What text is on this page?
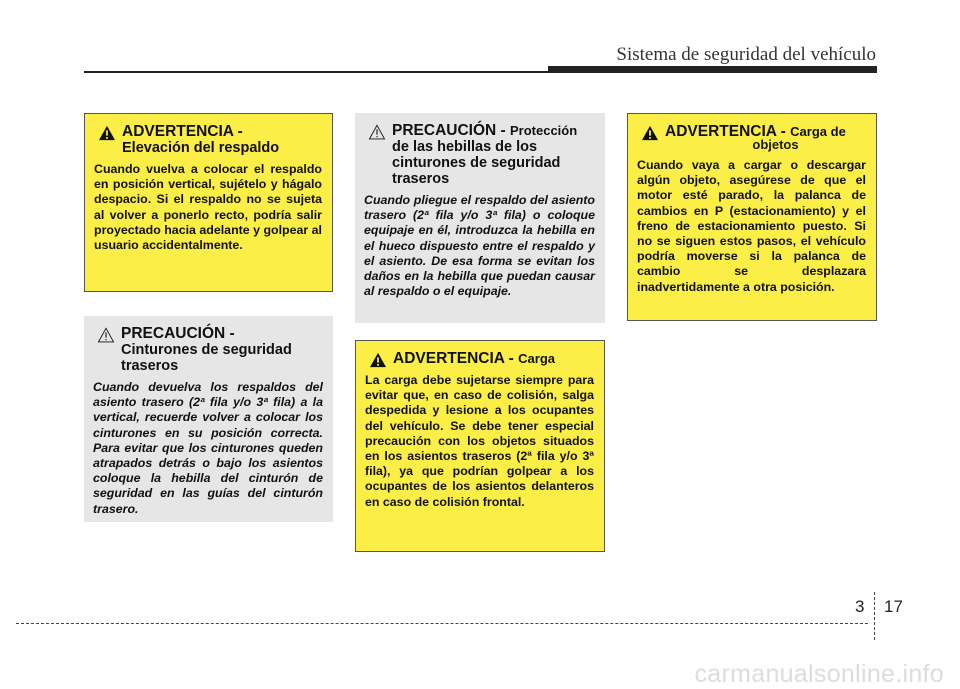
Sistema de seguridad del vehículo
ADVERTENCIA -
Elevación del respaldo
Cuando vuelva a colocar el respaldo en posición vertical, sujételo y hágalo despacio. Si el respaldo no se sujeta al volver a ponerlo recto, podría salir proyectado hacia adelante y golpear al usuario accidentalmente.
PRECAUCIÓN -
Cinturones de seguridad traseros
Cuando devuelva los respaldos del asiento trasero (2ª fila y/o 3ª fila) a la vertical, recuerde volver a colocar los cinturones en su posición correcta. Para evitar que los cinturones queden atrapados detrás o bajo los asientos coloque la hebilla del cinturón de seguridad en las guías del cinturón trasero.
PRECAUCIÓN - Protección
de las hebillas de los cinturones de seguridad traseros
Cuando pliegue el respaldo del asiento trasero (2ª fila y/o 3ª fila) o coloque equipaje en él, introduzca la hebilla en el hueco dispuesto entre el respaldo y el asiento. De esa forma se evitan los daños en la hebilla que puedan causar al respaldo o el equipaje.
ADVERTENCIA - Carga
La carga debe sujetarse siempre para evitar que, en caso de colisión, salga despedida y lesione a los ocupantes del vehículo. Se debe tener especial precaución con los objetos situados en los asientos traseros (2ª fila y/o 3ª fila), ya que podrían golpear a los ocupantes de los asientos delanteros en caso de colisión frontal.
ADVERTENCIA - Carga de
objetos
Cuando vaya a cargar o descargar algún objeto, asegúrese de que el motor esté parado, la palanca de cambios en P (estacionamiento) y el freno de estacionamiento puesto. Si no se siguen estos pasos, el vehículo podría moverse si la palanca de cambio se desplazara inadvertidamente a otra posición.
3 17
carmanualsonline.info
